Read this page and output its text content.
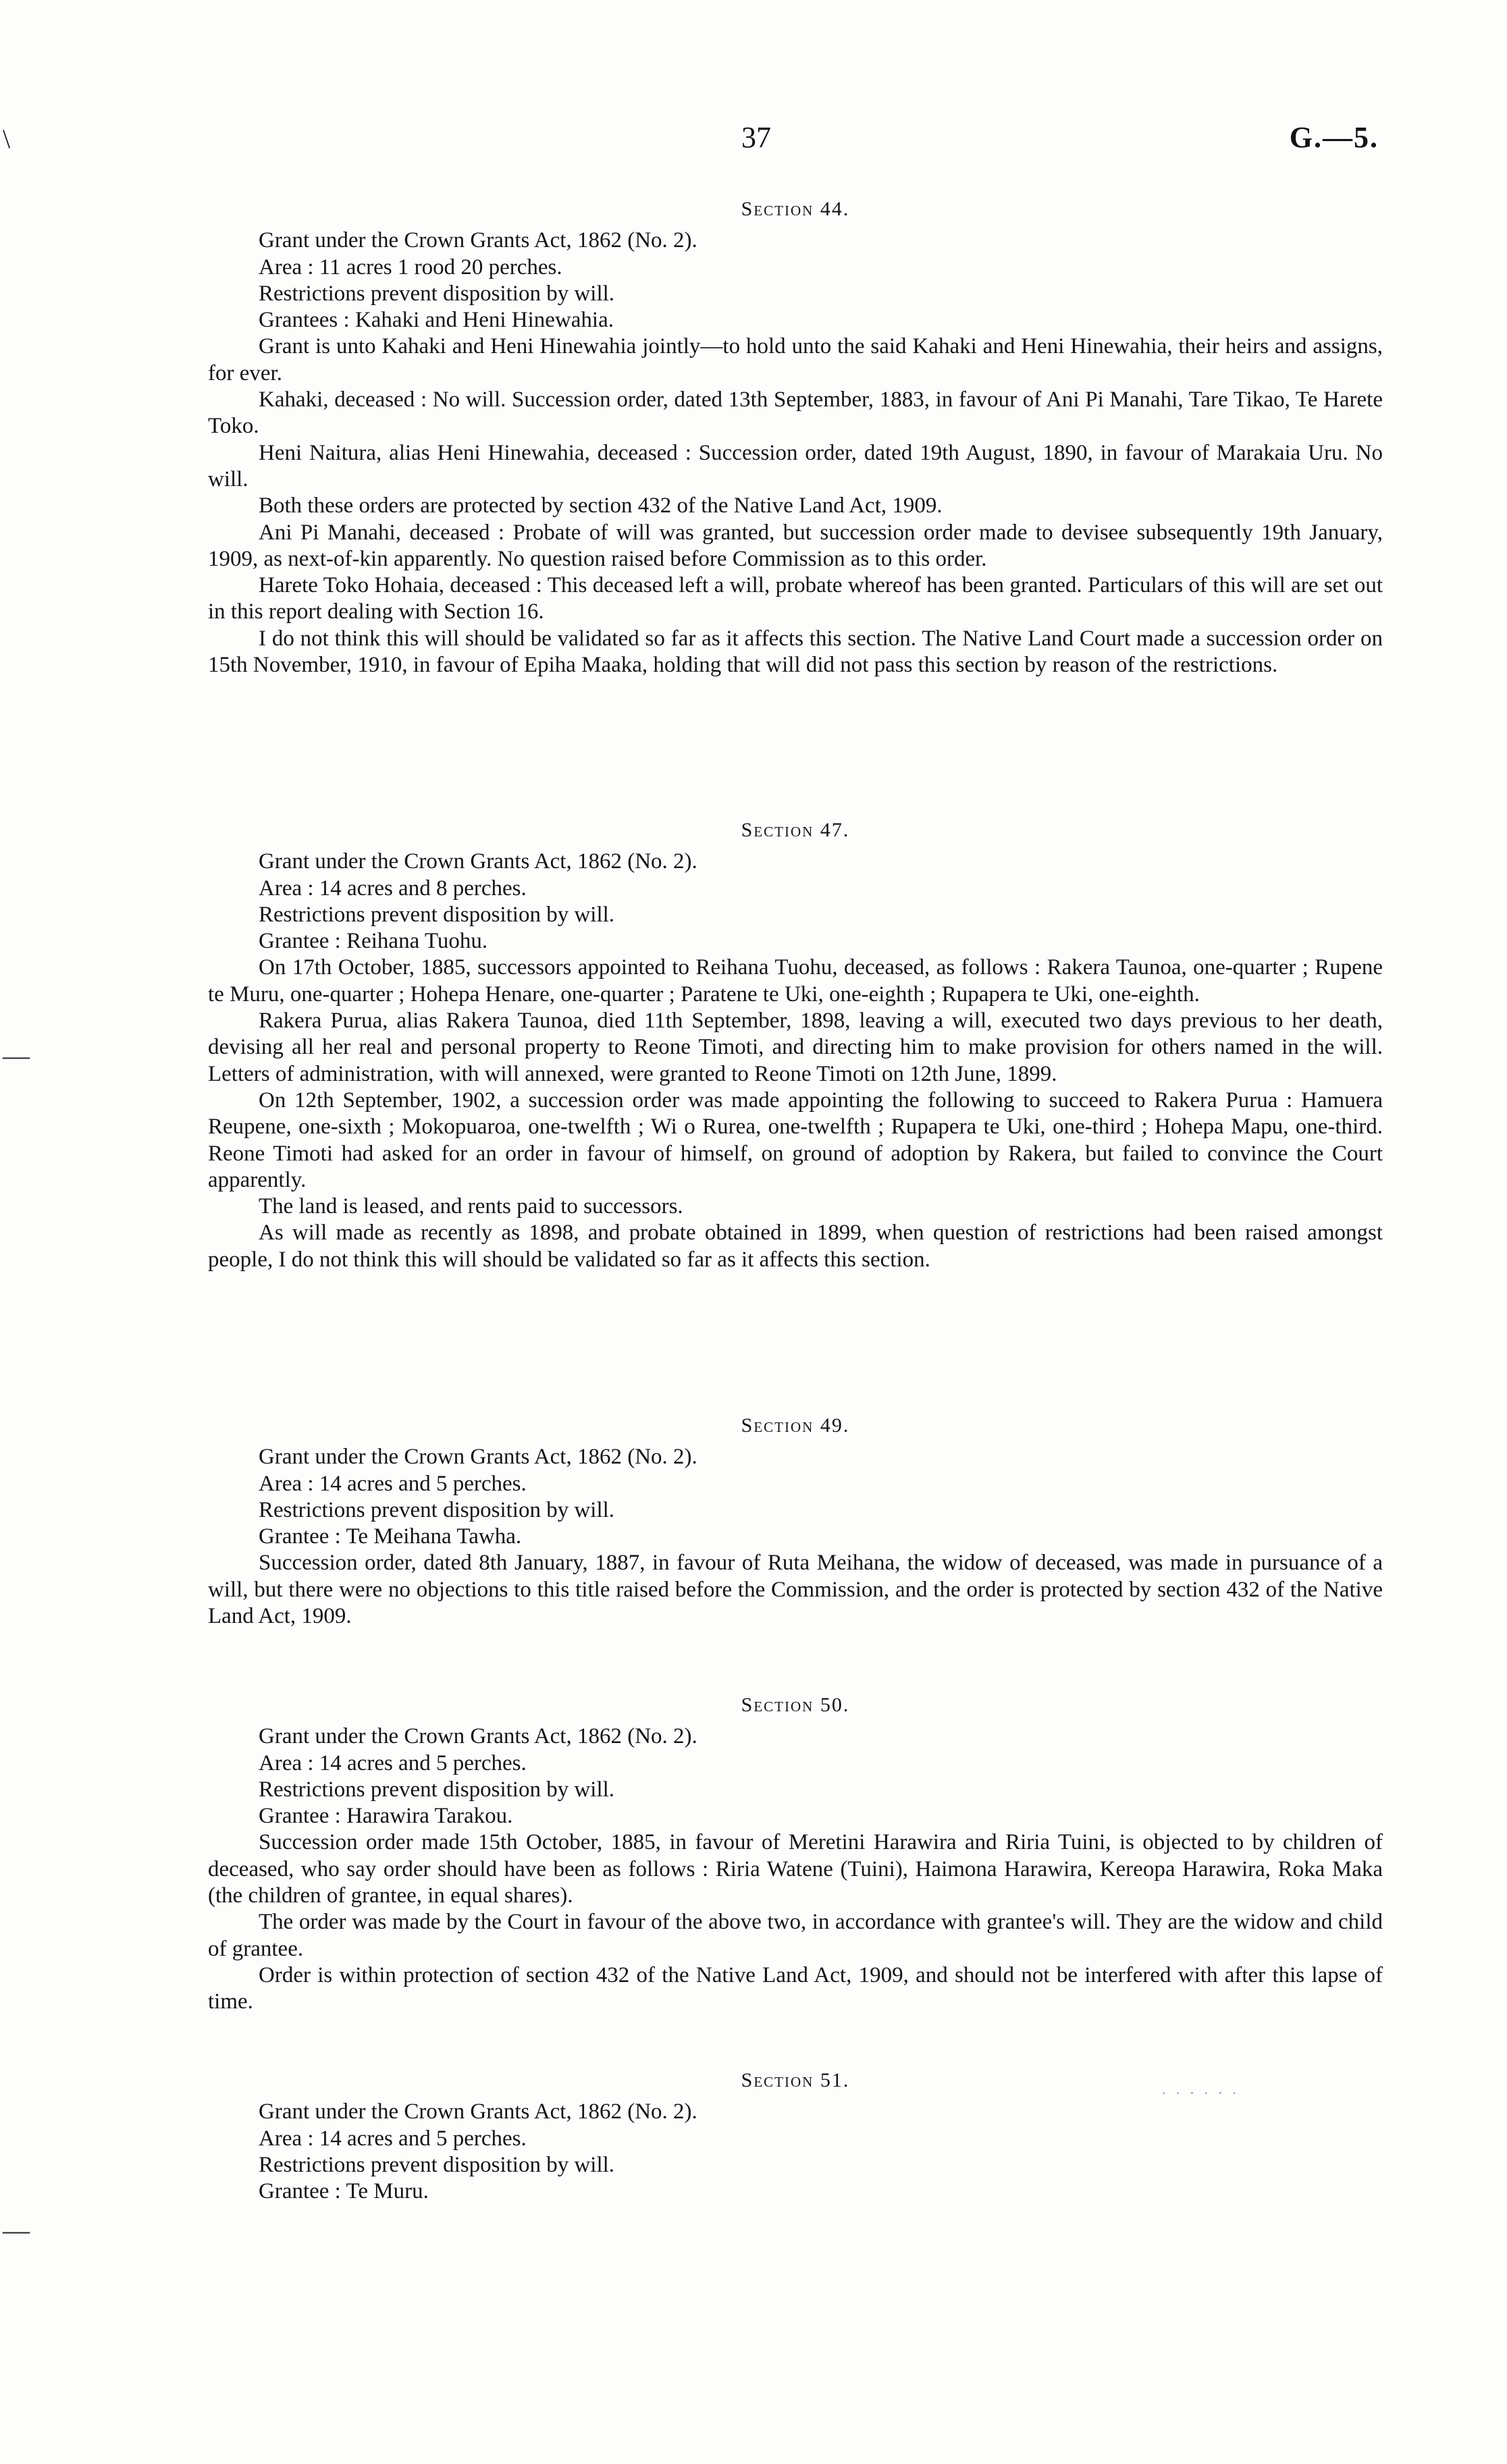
37	G.—5.
\
—
—
Section 44.

Grant under the Crown Grants Act, 1862 (No. 2).

Area : 11 acres 1 rood 20 perches.

Restrictions prevent disposition by will.

Grantees : Kahaki and Heni Hinewahia.

Grant is unto Kahaki and Heni Hinewahia jointly—to hold unto the said Kahaki and Heni Hinewahia, their heirs and assigns, for ever.

Kahaki, deceased : No will. Succession order, dated 13th September, 1883, in favour of Ani Pi Manahi, Tare Tikao, Te Harete Toko.

Heni Naitura, alias Heni Hinewahia, deceased : Succession order, dated 19th August, 1890, in favour of Marakaia Uru. No will.

Both these orders are protected by section 432 of the Native Land Act, 1909.

Ani Pi Manahi, deceased : Probate of will was granted, but succession order made to devisee subsequently 19th January, 1909, as next-of-kin apparently. No question raised before Commission as to this order.

Harete Toko Hohaia, deceased : This deceased left a will, probate whereof has been granted. Particulars of this will are set out in this report dealing with Section 16.

I do not think this will should be validated so far as it affects this section. The Native Land Court made a succession order on 15th November, 1910, in favour of Epiha Maaka, holding that will did not pass this section by reason of the restrictions.

Section 47.

Grant under the Crown Grants Act, 1862 (No. 2).

Area : 14 acres and 8 perches.

Restrictions prevent disposition by will.

Grantee : Reihana Tuohu.

On 17th October, 1885, successors appointed to Reihana Tuohu, deceased, as follows : Rakera Taunoa, one-quarter ; Rupene te Muru, one-quarter ; Hohepa Henare, one-quarter ; Paratene te Uki, one-eighth ; Rupapera te Uki, one-eighth.

Rakera Purua, alias Rakera Taunoa, died 11th September, 1898, leaving a will, executed two days previous to her death, devising all her real and personal property to Reone Timoti, and directing him to make provision for others named in the will. Letters of administration, with will annexed, were granted to Reone Timoti on 12th June, 1899.

On 12th September, 1902, a succession order was made appointing the following to succeed to Rakera Purua : Hamuera Reupene, one-sixth ; Mokopuaroa, one-twelfth ; Wi o Rurea, one-twelfth ; Rupapera te Uki, one-third ; Hohepa Mapu, one-third. Reone Timoti had asked for an order in favour of himself, on ground of adoption by Rakera, but failed to convince the Court apparently.

The land is leased, and rents paid to successors.

As will made as recently as 1898, and probate obtained in 1899, when question of restrictions had been raised amongst people, I do not think this will should be validated so far as it affects this section.

Section 49.

Grant under the Crown Grants Act, 1862 (No. 2).

Area : 14 acres and 5 perches.

Restrictions prevent disposition by will.

Grantee : Te Meihana Tawha.

Succession order, dated 8th January, 1887, in favour of Ruta Meihana, the widow of deceased, was made in pursuance of a will, but there were no objections to this title raised before the Commission, and the order is protected by section 432 of the Native Land Act, 1909.

Section 50.

Grant under the Crown Grants Act, 1862 (No. 2).

Area : 14 acres and 5 perches.

Restrictions prevent disposition by will.

Grantee : Harawira Tarakou.

Succession order made 15th October, 1885, in favour of Meretini Harawira and Riria Tuini, is objected to by children of deceased, who say order should have been as follows : Riria Watene (Tuini), Haimona Harawira, Kereopa Harawira, Roka Maka (the children of grantee, in equal shares).

The order was made by the Court in favour of the above two, in accordance with grantee's will. They are the widow and child of grantee.

Order is within protection of section 432 of the Native Land Act, 1909, and should not be interfered with after this lapse of time.

Section 51.

Grant under the Crown Grants Act, 1862 (No. 2).

Area : 14 acres and 5 perches.

Restrictions prevent disposition by will.

Grantee : Te Muru.

· · ⋅ · ⋅ ·
